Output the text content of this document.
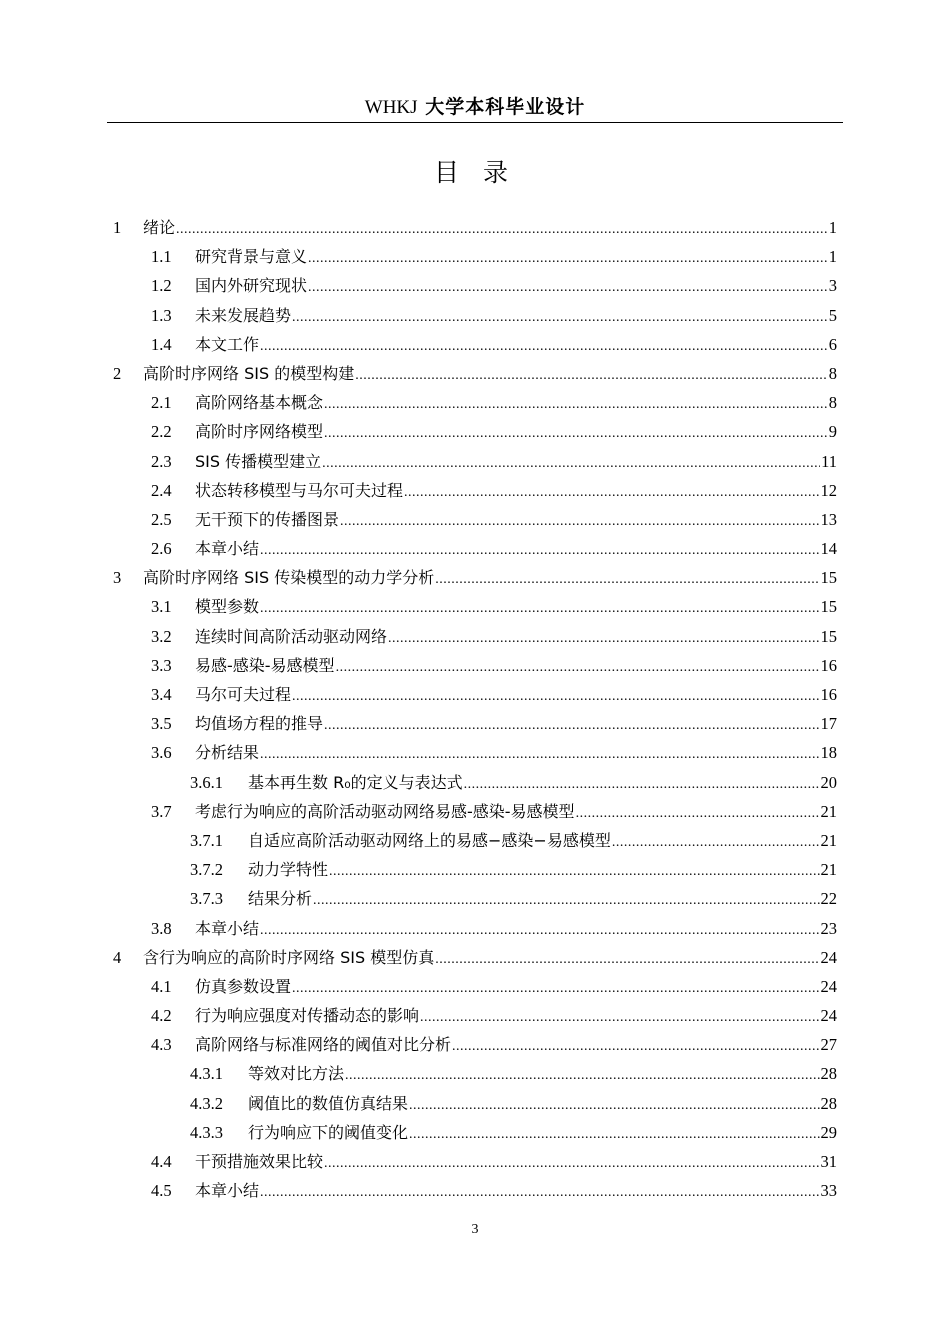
WHKJ 大学本科毕业设计
目 录
1	绪论 .....	1
1.1	研究背景与意义 .....	1
1.2	国内外研究现状 .....	3
1.3	未来发展趋势 .....	5
1.4	本文工作 .....	6
2	高阶时序网络 SIS 的模型构建 .....	8
2.1	高阶网络基本概念 .....	8
2.2	高阶时序网络模型 .....	9
2.3	SIS 传播模型建立 .....	11
2.4	状态转移模型与马尔可夫过程 .....	12
2.5	无干预下的传播图景 .....	13
2.6	本章小结 .....	14
3	高阶时序网络 SIS 传染模型的动力学分析 .....	15
3.1	模型参数 .....	15
3.2	连续时间高阶活动驱动网络 .....	15
3.3	易感-感染-易感模型 .....	16
3.4	马尔可夫过程 .....	16
3.5	均值场方程的推导 .....	17
3.6	分析结果 .....	18
3.6.1	基本再生数 R₀的定义与表达式 .....	20
3.7	考虑行为响应的高阶活动驱动网络易感-感染-易感模型 .....	21
3.7.1	自适应高阶活动驱动网络上的易感−感染−易感模型 .....	21
3.7.2	动力学特性 .....	21
3.7.3	结果分析 .....	22
3.8	本章小结 .....	23
4	含行为响应的高阶时序网络 SIS 模型仿真 .....	24
4.1	仿真参数设置 .....	24
4.2	行为响应强度对传播动态的影响 .....	24
4.3	高阶网络与标准网络的阈值对比分析 .....	27
4.3.1	等效对比方法 .....	28
4.3.2	阈值比的数值仿真结果 .....	28
4.3.3	行为响应下的阈值变化 .....	29
4.4	干预措施效果比较 .....	31
4.5	本章小结 .....	33
3
